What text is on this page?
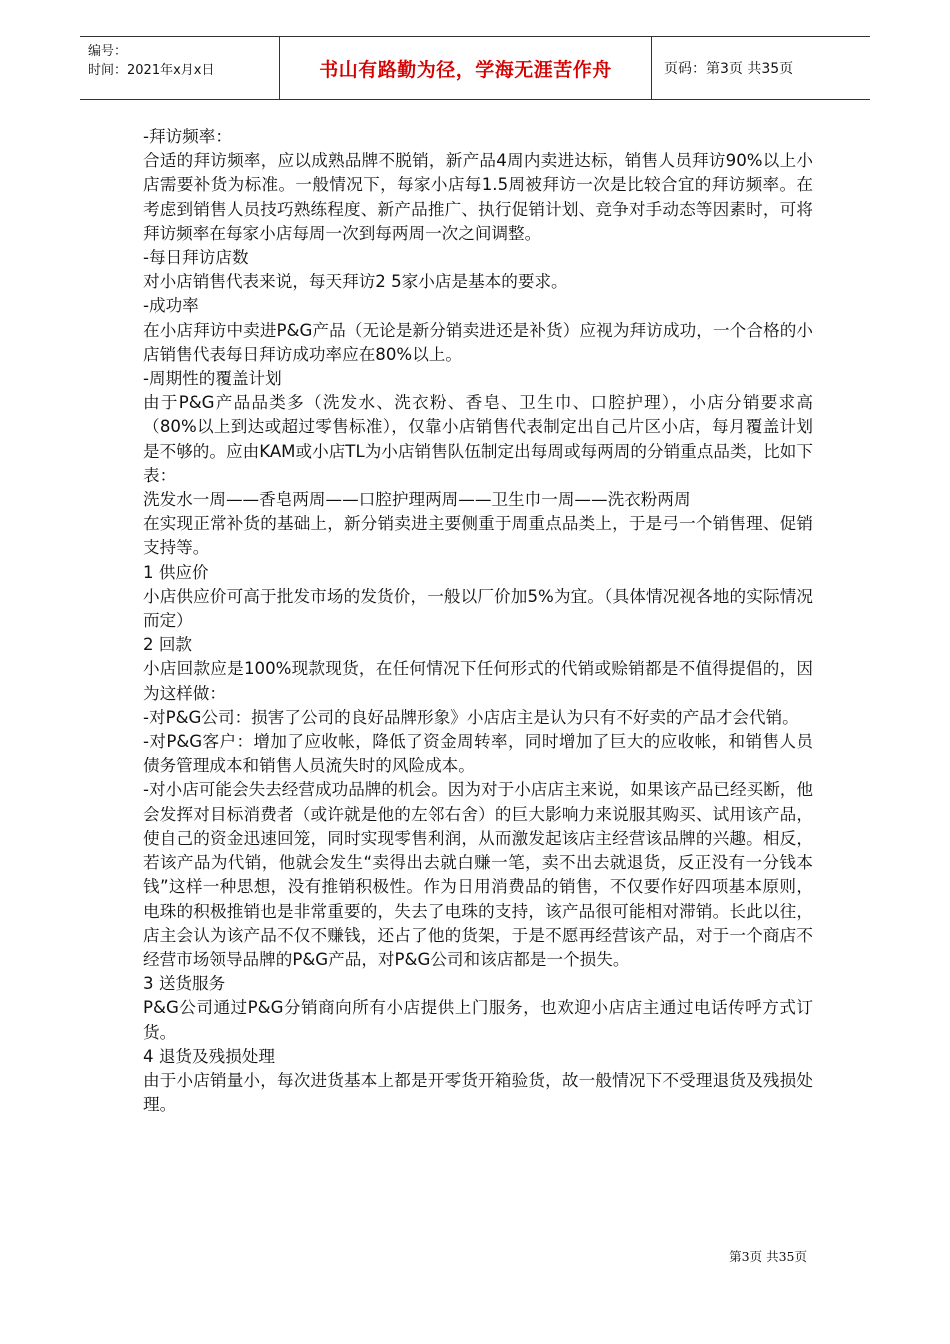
编号：
时间：2021年x月x日	书山有路勤为径，学海无涯苦作舟	页码：第3页 共35页

-拜访频率：

合适的拜访频率，应以成熟品牌不脱销，新产品4周内卖进达标，销售人员拜访90%以上小店需要补货为标准。一般情况下，每家小店每1.5周被拜访一次是比较合宜的拜访频率。在考虑到销售人员技巧熟练程度、新产品推广、执行促销计划、竞争对手动态等因素时，可将拜访频率在每家小店每周一次到每两周一次之间调整。

-每日拜访店数

对小店销售代表来说，每天拜访2 5家小店是基本的要求。

-成功率

在小店拜访中卖进P&G产品（无论是新分销卖进还是补货）应视为拜访成功，一个合格的小店销售代表每日拜访成功率应在80%以上。

-周期性的覆盖计划

由于P&G产品品类多（洗发水、洗衣粉、香皂、卫生巾、口腔护理），小店分销要求高（80%以上到达或超过零售标准），仅靠小店销售代表制定出自己片区小店，每月覆盖计划是不够的。应由KAM或小店TL为小店销售队伍制定出每周或每两周的分销重点品类，比如下表：

洗发水一周——香皂两周——口腔护理两周——卫生巾一周——洗衣粉两周

在实现正常补货的基础上，新分销卖进主要侧重于周重点品类上，于是弓一个销售理、促销支持等。

1 供应价

小店供应价可高于批发市场的发货价，一般以厂价加5%为宜。（具体情况视各地的实际情况而定）

2 回款

小店回款应是100%现款现货，在任何情况下任何形式的代销或赊销都是不值得提倡的，因为这样做：

-对P&G公司：损害了公司的良好品牌形象》小店店主是认为只有不好卖的产品才会代销。

-对P&G客户：增加了应收帐，降低了资金周转率，同时增加了巨大的应收帐，和销售人员债务管理成本和销售人员流失时的风险成本。

-对小店可能会失去经营成功品牌的机会。因为对于小店店主来说，如果该产品已经买断，他会发挥对目标消费者（或许就是他的左邻右舍）的巨大影响力来说服其购买、试用该产品，使自己的资金迅速回笼，同时实现零售利润，从而激发起该店主经营该品牌的兴趣。相反，若该产品为代销，他就会发生“卖得出去就白赚一笔，卖不出去就退货，反正没有一分钱本钱”这样一种思想，没有推销积极性。作为日用消费品的销售，不仅要作好四项基本原则，电珠的积极推销也是非常重要的，失去了电珠的支持，该产品很可能相对滞销。长此以往，店主会认为该产品不仅不赚钱，还占了他的货架，于是不愿再经营该产品，对于一个商店不经营市场领导品牌的P&G产品，对P&G公司和该店都是一个损失。

3 送货服务

P&G公司通过P&G分销商向所有小店提供上门服务，也欢迎小店店主通过电话传呼方式订货。

4 退货及残损处理

由于小店销量小，每次进货基本上都是开零货开箱验货，故一般情况下不受理退货及残损处理。

第3页 共35页
